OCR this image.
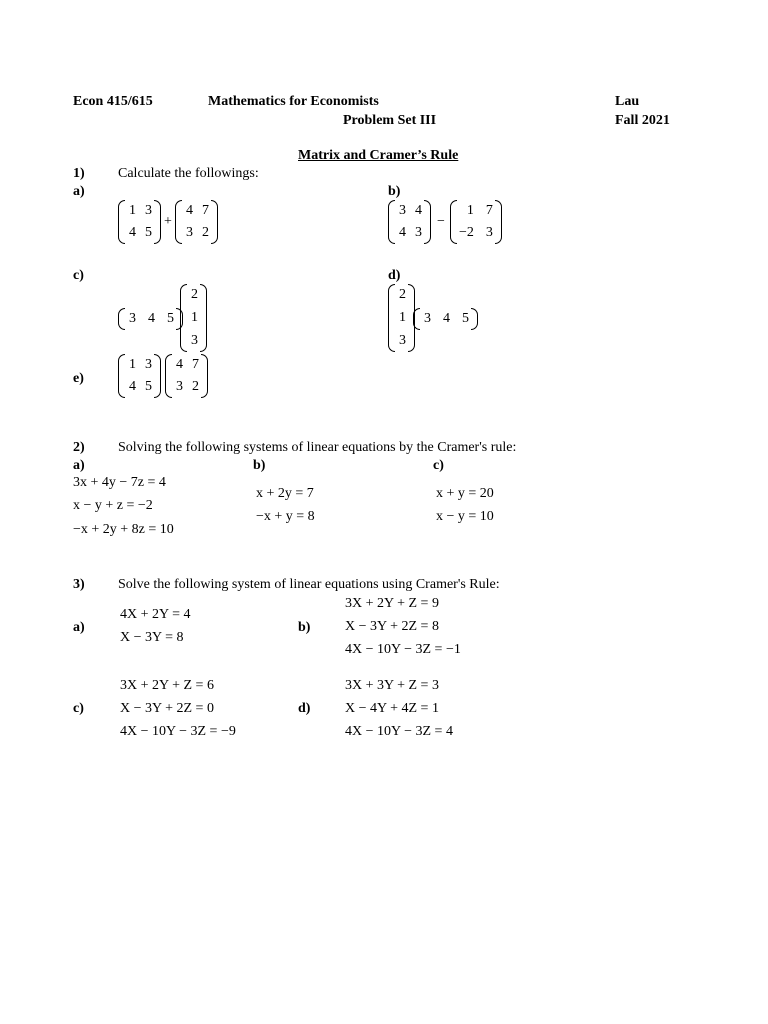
Econ 415/615	Mathematics for Economists
Problem Set III
Lau
Fall 2021
Matrix and Cramer’s Rule
1) Calculate the followings:
a)
1 3
4 5
+
4 7
3 2
b)
3 4
4 3
−
1 7
−2 3
c)
3 4 5
2
1
3
d)
2
1
3
3 4 5
e)
1 3
4 5
4 7
3 2
2) Solving the following systems of linear equations by the Cramer's rule:
a)
3x + 4y − 7z = 4
x − y + z = −2
−x + 2y + 8z = 10
b)
x + 2y = 7
−x + y = 8
c)
x + y = 20
x − y = 10
3) Solve the following system of linear equations using Cramer's Rule:
a)
4X + 2Y = 4
X − 3Y = 8
b)
3X + 2Y + Z = 9
X − 3Y + 2Z = 8
4X − 10Y − 3Z = −1
c)
3X + 2Y + Z = 6
X − 3Y + 2Z = 0
4X − 10Y − 3Z = −9
d)
3X + 3Y + Z = 3
X − 4Y + 4Z = 1
4X − 10Y − 3Z = 4
